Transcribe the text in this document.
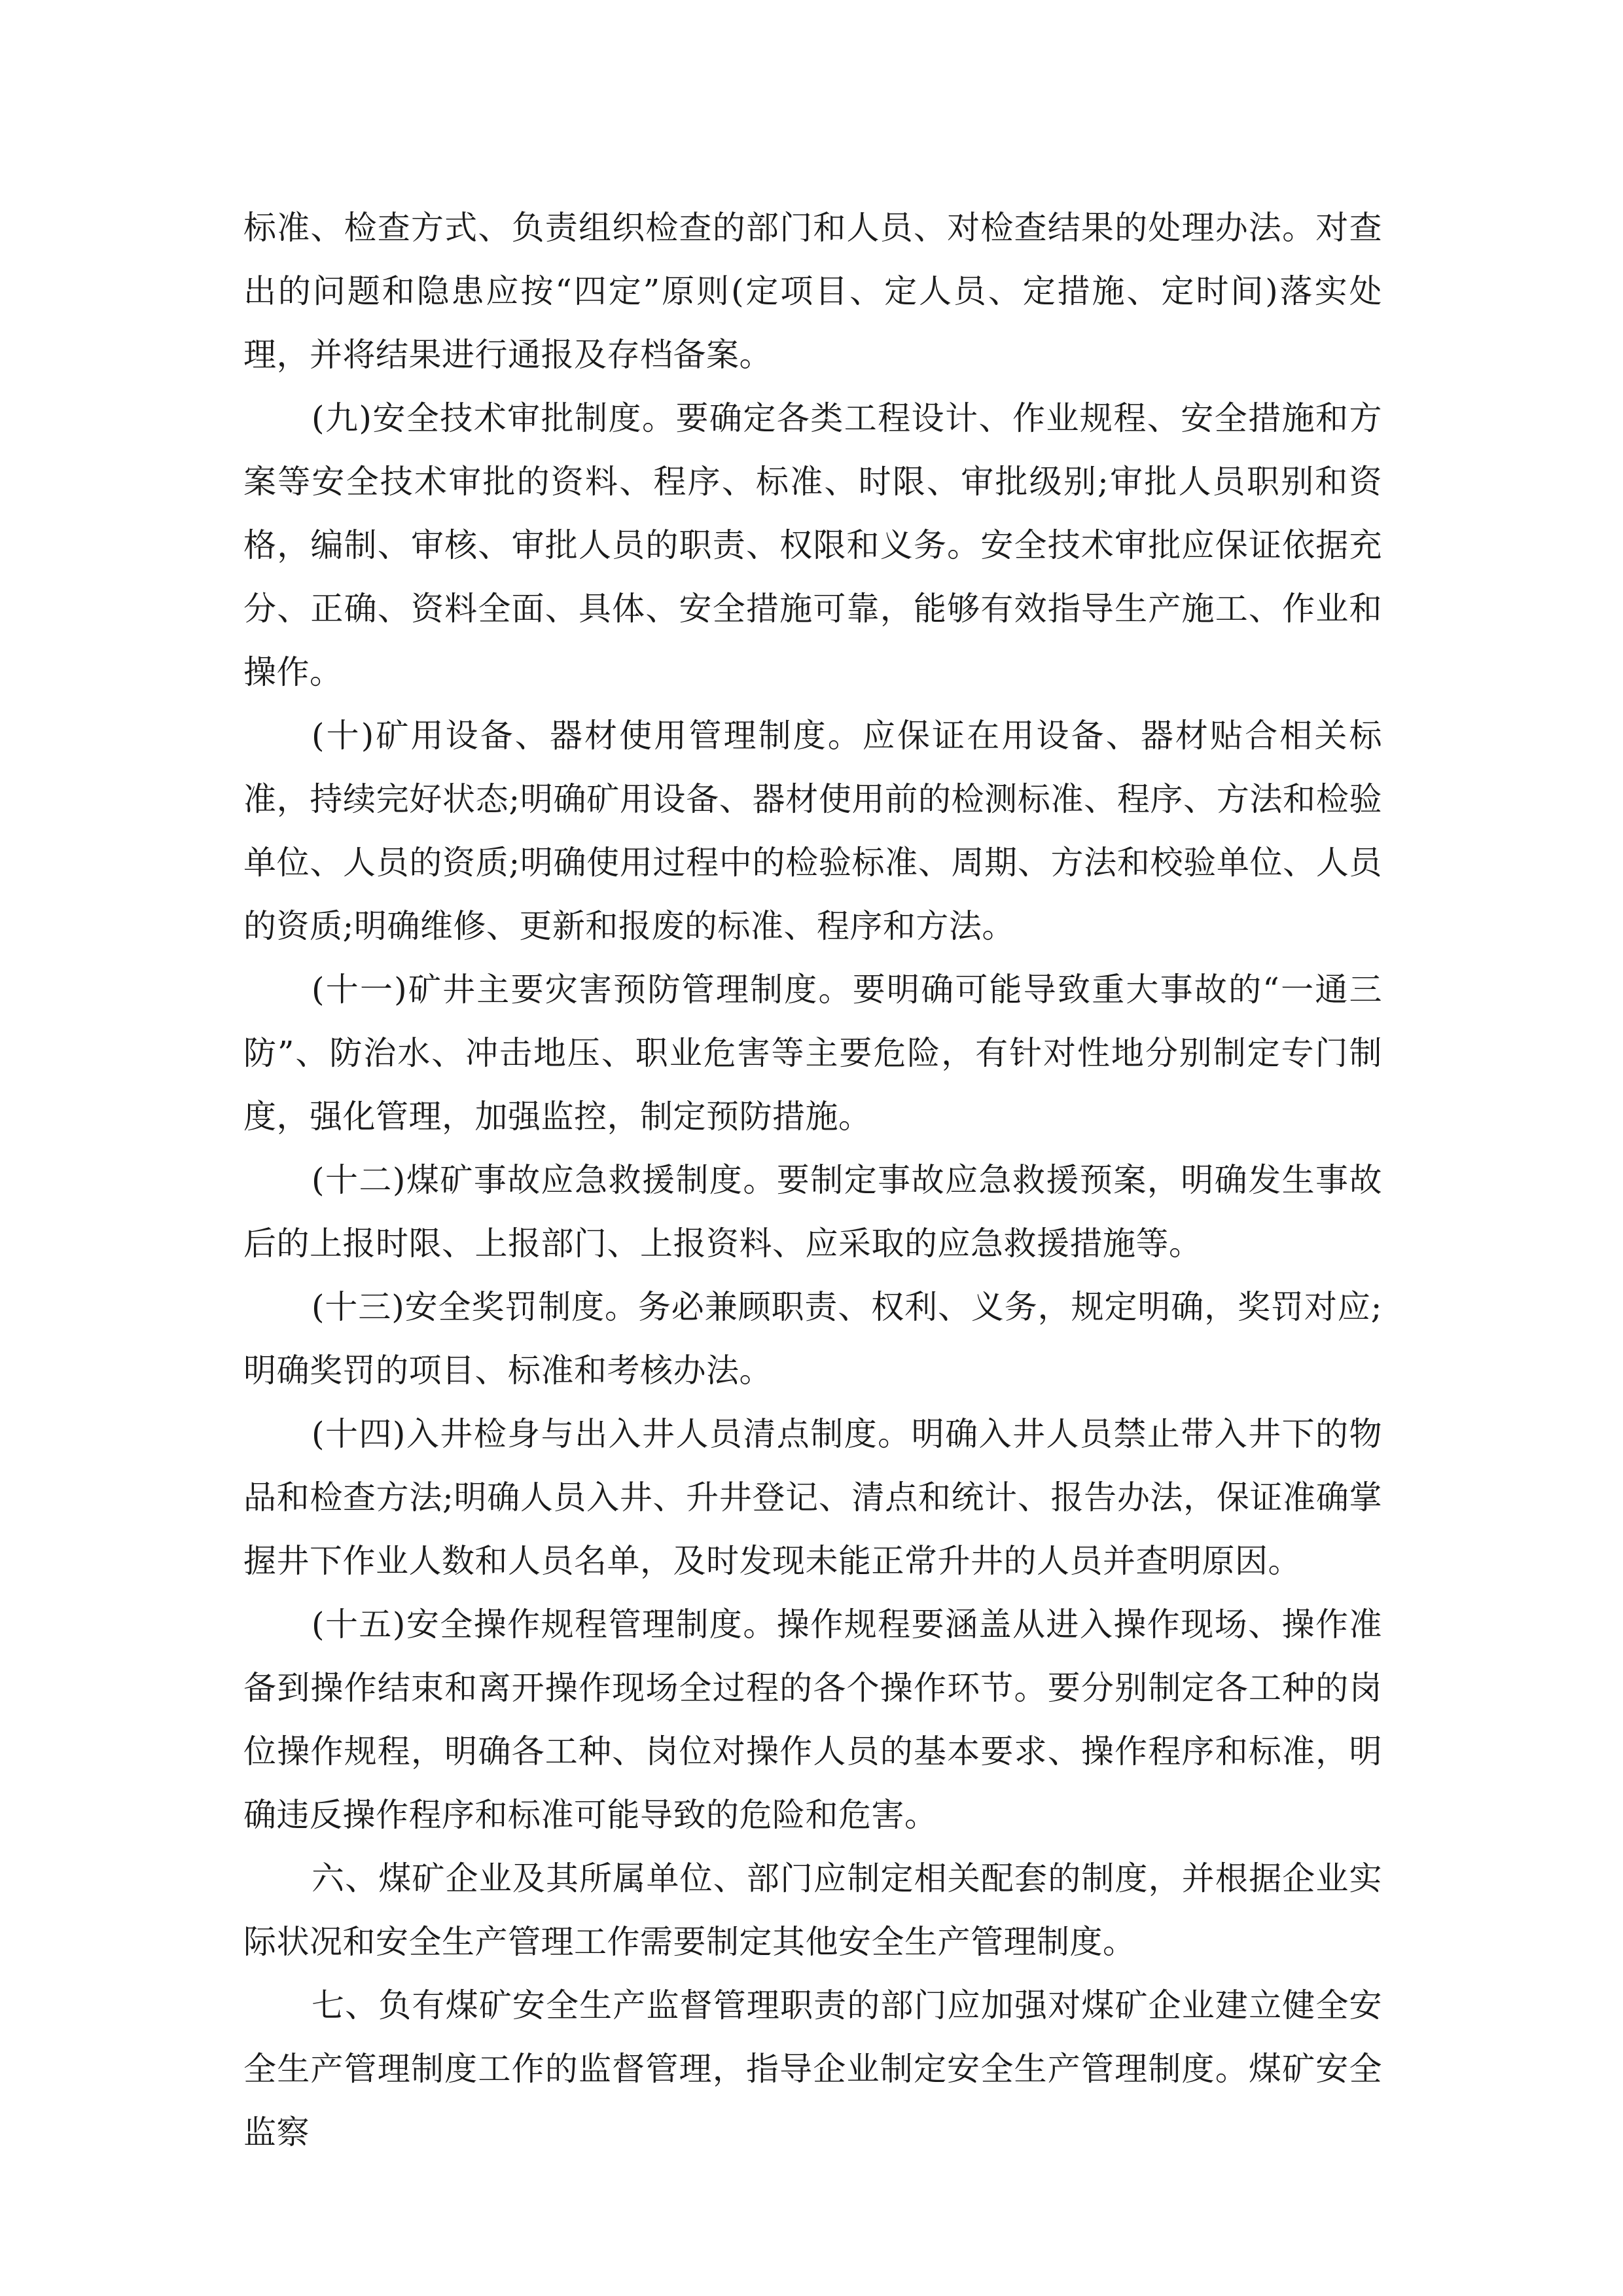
标准、检查方式、负责组织检查的部门和人员、对检查结果的处理办法。对查出的问题和隐患应按“四定”原则(定项目、定人员、定措施、定时间)落实处理，并将结果进行通报及存档备案。

(九)安全技术审批制度。要确定各类工程设计、作业规程、安全措施和方案等安全技术审批的资料、程序、标准、时限、审批级别;审批人员职别和资格，编制、审核、审批人员的职责、权限和义务。安全技术审批应保证依据充分、正确、资料全面、具体、安全措施可靠，能够有效指导生产施工、作业和操作。

(十)矿用设备、器材使用管理制度。应保证在用设备、器材贴合相关标准，持续完好状态;明确矿用设备、器材使用前的检测标准、程序、方法和检验单位、人员的资质;明确使用过程中的检验标准、周期、方法和校验单位、人员的资质;明确维修、更新和报废的标准、程序和方法。

(十一)矿井主要灾害预防管理制度。要明确可能导致重大事故的“一通三防”、防治水、冲击地压、职业危害等主要危险，有针对性地分别制定专门制度，强化管理，加强监控，制定预防措施。

(十二)煤矿事故应急救援制度。要制定事故应急救援预案，明确发生事故后的上报时限、上报部门、上报资料、应采取的应急救援措施等。

(十三)安全奖罚制度。务必兼顾职责、权利、义务，规定明确，奖罚对应;明确奖罚的项目、标准和考核办法。

(十四)入井检身与出入井人员清点制度。明确入井人员禁止带入井下的物品和检查方法;明确人员入井、升井登记、清点和统计、报告办法，保证准确掌握井下作业人数和人员名单，及时发现未能正常升井的人员并查明原因。

(十五)安全操作规程管理制度。操作规程要涵盖从进入操作现场、操作准备到操作结束和离开操作现场全过程的各个操作环节。要分别制定各工种的岗位操作规程，明确各工种、岗位对操作人员的基本要求、操作程序和标准，明确违反操作程序和标准可能导致的危险和危害。

六、煤矿企业及其所属单位、部门应制定相关配套的制度，并根据企业实际状况和安全生产管理工作需要制定其他安全生产管理制度。

七、负有煤矿安全生产监督管理职责的部门应加强对煤矿企业建立健全安全生产管理制度工作的监督管理，指导企业制定安全生产管理制度。煤矿安全监察
